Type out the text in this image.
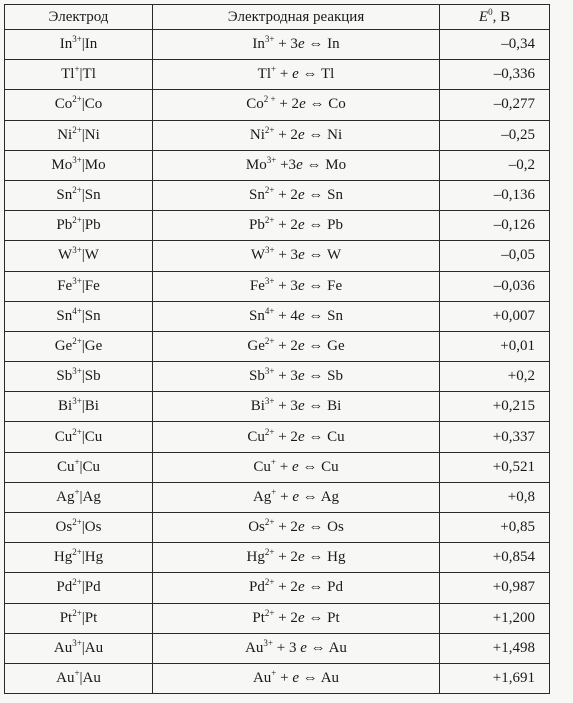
Электрод	Электродная реакция	$E^0$, В
$In^{3+}|In$	$In^{3+} + 3e$ ⇔ In	–0,34
Tl+|Tl	Tl+ + e ⇔ Tl	–0,336
$Co^{2+}|Co$	$Co^{2 +} + 2e$ ⇔ Co	–0,277
$Ni^{2+}|Ni$	$Ni^{2+} + 2e$ ⇔ Ni	–0,25
$Mo^{3+}|Mo$	$Mo^{3+} +3e$ ⇔ Mo	–0,2
$Sn^{2+}|Sn$	$Sn^{2+} + 2e$ ⇔ Sn	–0,136
$Pb^{2+}|Pb$	$Pb^{2+} + 2e$ ⇔ Pb	–0,126
$W^{3+}|W$	$W^{3+} + 3e$ ⇔ W	–0,05
$Fe^{3+}|Fe$	$Fe^{3+} + 3e$ ⇔ Fe	–0,036
$Sn^{4+}|Sn$	$Sn^{4+} + 4e$ ⇔ Sn	+0,007
$Ge^{2+}|Ge$	$Ge^{2+} + 2e$ ⇔ Ge	+0,01
$Sb^{3+}|Sb$	$Sb^{3+} + 3e$ ⇔ Sb	+0,2
$Bi^{3+}|Bi$	$Bi^{3+} + 3e$ ⇔ Bi	+0,215
$Cu^{2+}|Cu$	$Cu^{2+} + 2e$ ⇔ Cu	+0,337
Cu+|Cu	Cu+ + e ⇔ Cu	+0,521
Ag+|Ag	Ag+ + e ⇔ Ag	+0,8
$Os^{2+}|Os$	$Os^{2+} + 2e$ ⇔ Os	+0,85
$Hg^{2+}|Hg$	$Hg^{2+} + 2e$ ⇔ Hg	+0,854
$Pd^{2+}|Pd$	$Pd^{2+} + 2e$ ⇔ Pd	+0,987
$Pt^{2+}|Pt$	$Pt^{2+} + 2e$ ⇔ Pt	+1,200
$Au^{3+}|Au$	$Au^{3+} + 3$ e ⇔ Au	+1,498
Au+|Au	Au+ + e ⇔ Au	+1,691
